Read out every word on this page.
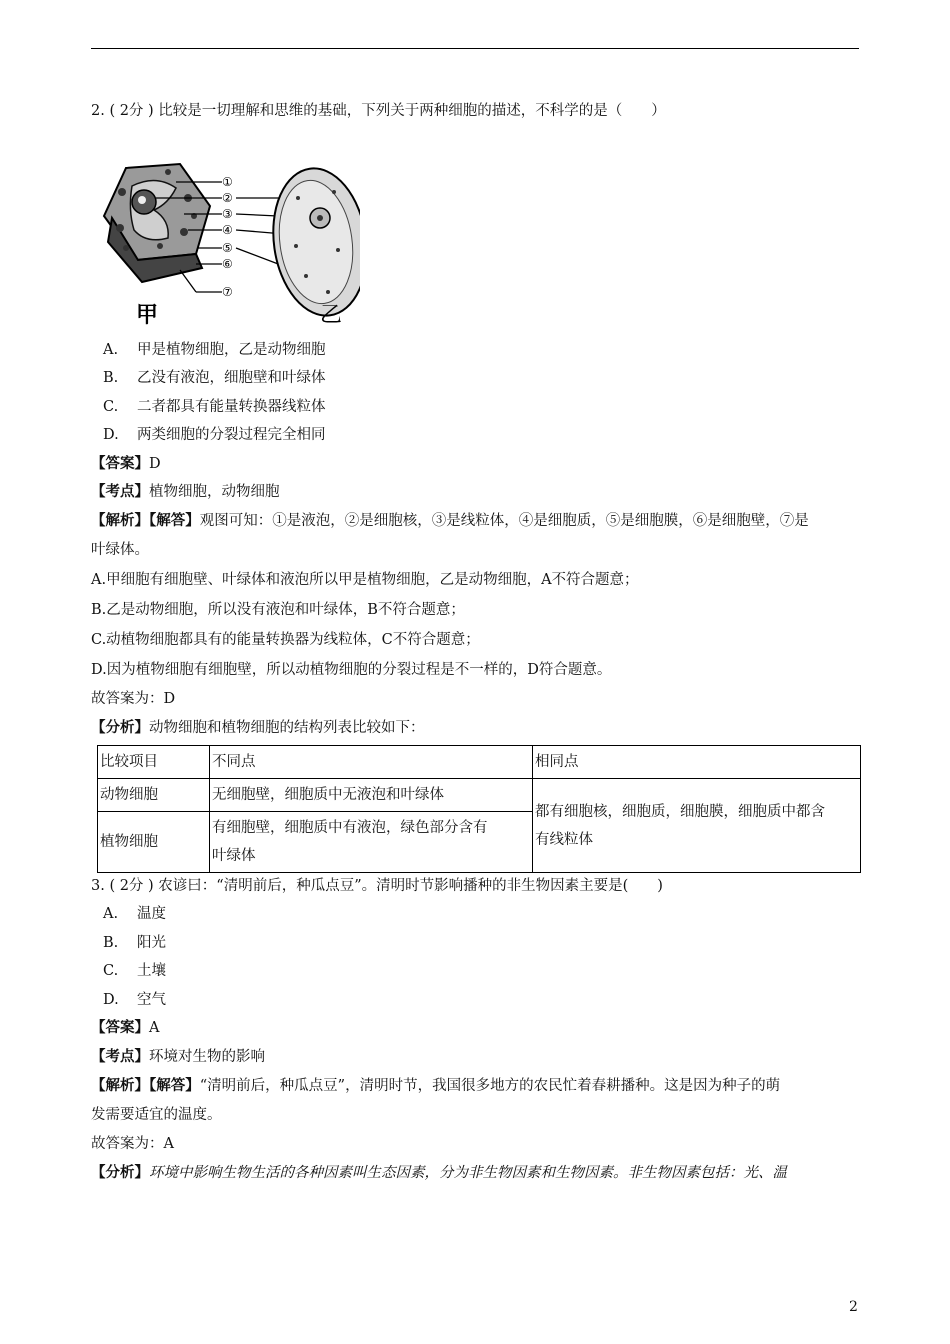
2. ( 2分 ) 比较是一切理解和思维的基础，下列关于两种细胞的描述，不科学的是（　　）
①
②
③
④
⑤
⑥
⑦
甲	乙
A. 甲是植物细胞，乙是动物细胞
B. 乙没有液泡，细胞壁和叶绿体
C. 二者都具有能量转换器线粒体
D. 两类细胞的分裂过程完全相同
【答案】D
【考点】植物细胞，动物细胞
【解析】【解答】观图可知：①是液泡，②是细胞核，③是线粒体，④是细胞质，⑤是细胞膜，⑥是细胞壁，⑦是
叶绿体。
A.甲细胞有细胞壁、叶绿体和液泡所以甲是植物细胞，乙是动物细胞，A不符合题意；
B.乙是动物细胞，所以没有液泡和叶绿体，B不符合题意；
C.动植物细胞都具有的能量转换器为线粒体，C不符合题意；
D.因为植物细胞有细胞壁，所以动植物细胞的分裂过程是不一样的，D符合题意。
故答案为：D
【分析】动物细胞和植物细胞的结构列表比较如下：
比较项目	不同点	相同点
动物细胞	无细胞壁，细胞质中无液泡和叶绿体	都有细胞核，细胞质，细胞膜，细胞质中都含
有线粒体
植物细胞	有细胞壁，细胞质中有液泡，绿色部分含有
叶绿体	
3. ( 2分 ) 农谚曰：“清明前后，种瓜点豆”。清明时节影响播种的非生物因素主要是(　　)
A. 温度
B. 阳光
C. 土壤
D. 空气
【答案】A
【考点】环境对生物的影响
【解析】【解答】“清明前后，种瓜点豆”，清明时节，我国很多地方的农民忙着春耕播种。这是因为种子的萌
发需要适宜的温度。
故答案为：A
【分析】环境中影响生物生活的各种因素叫生态因素，分为非生物因素和生物因素。非生物因素包括：光、温
2
